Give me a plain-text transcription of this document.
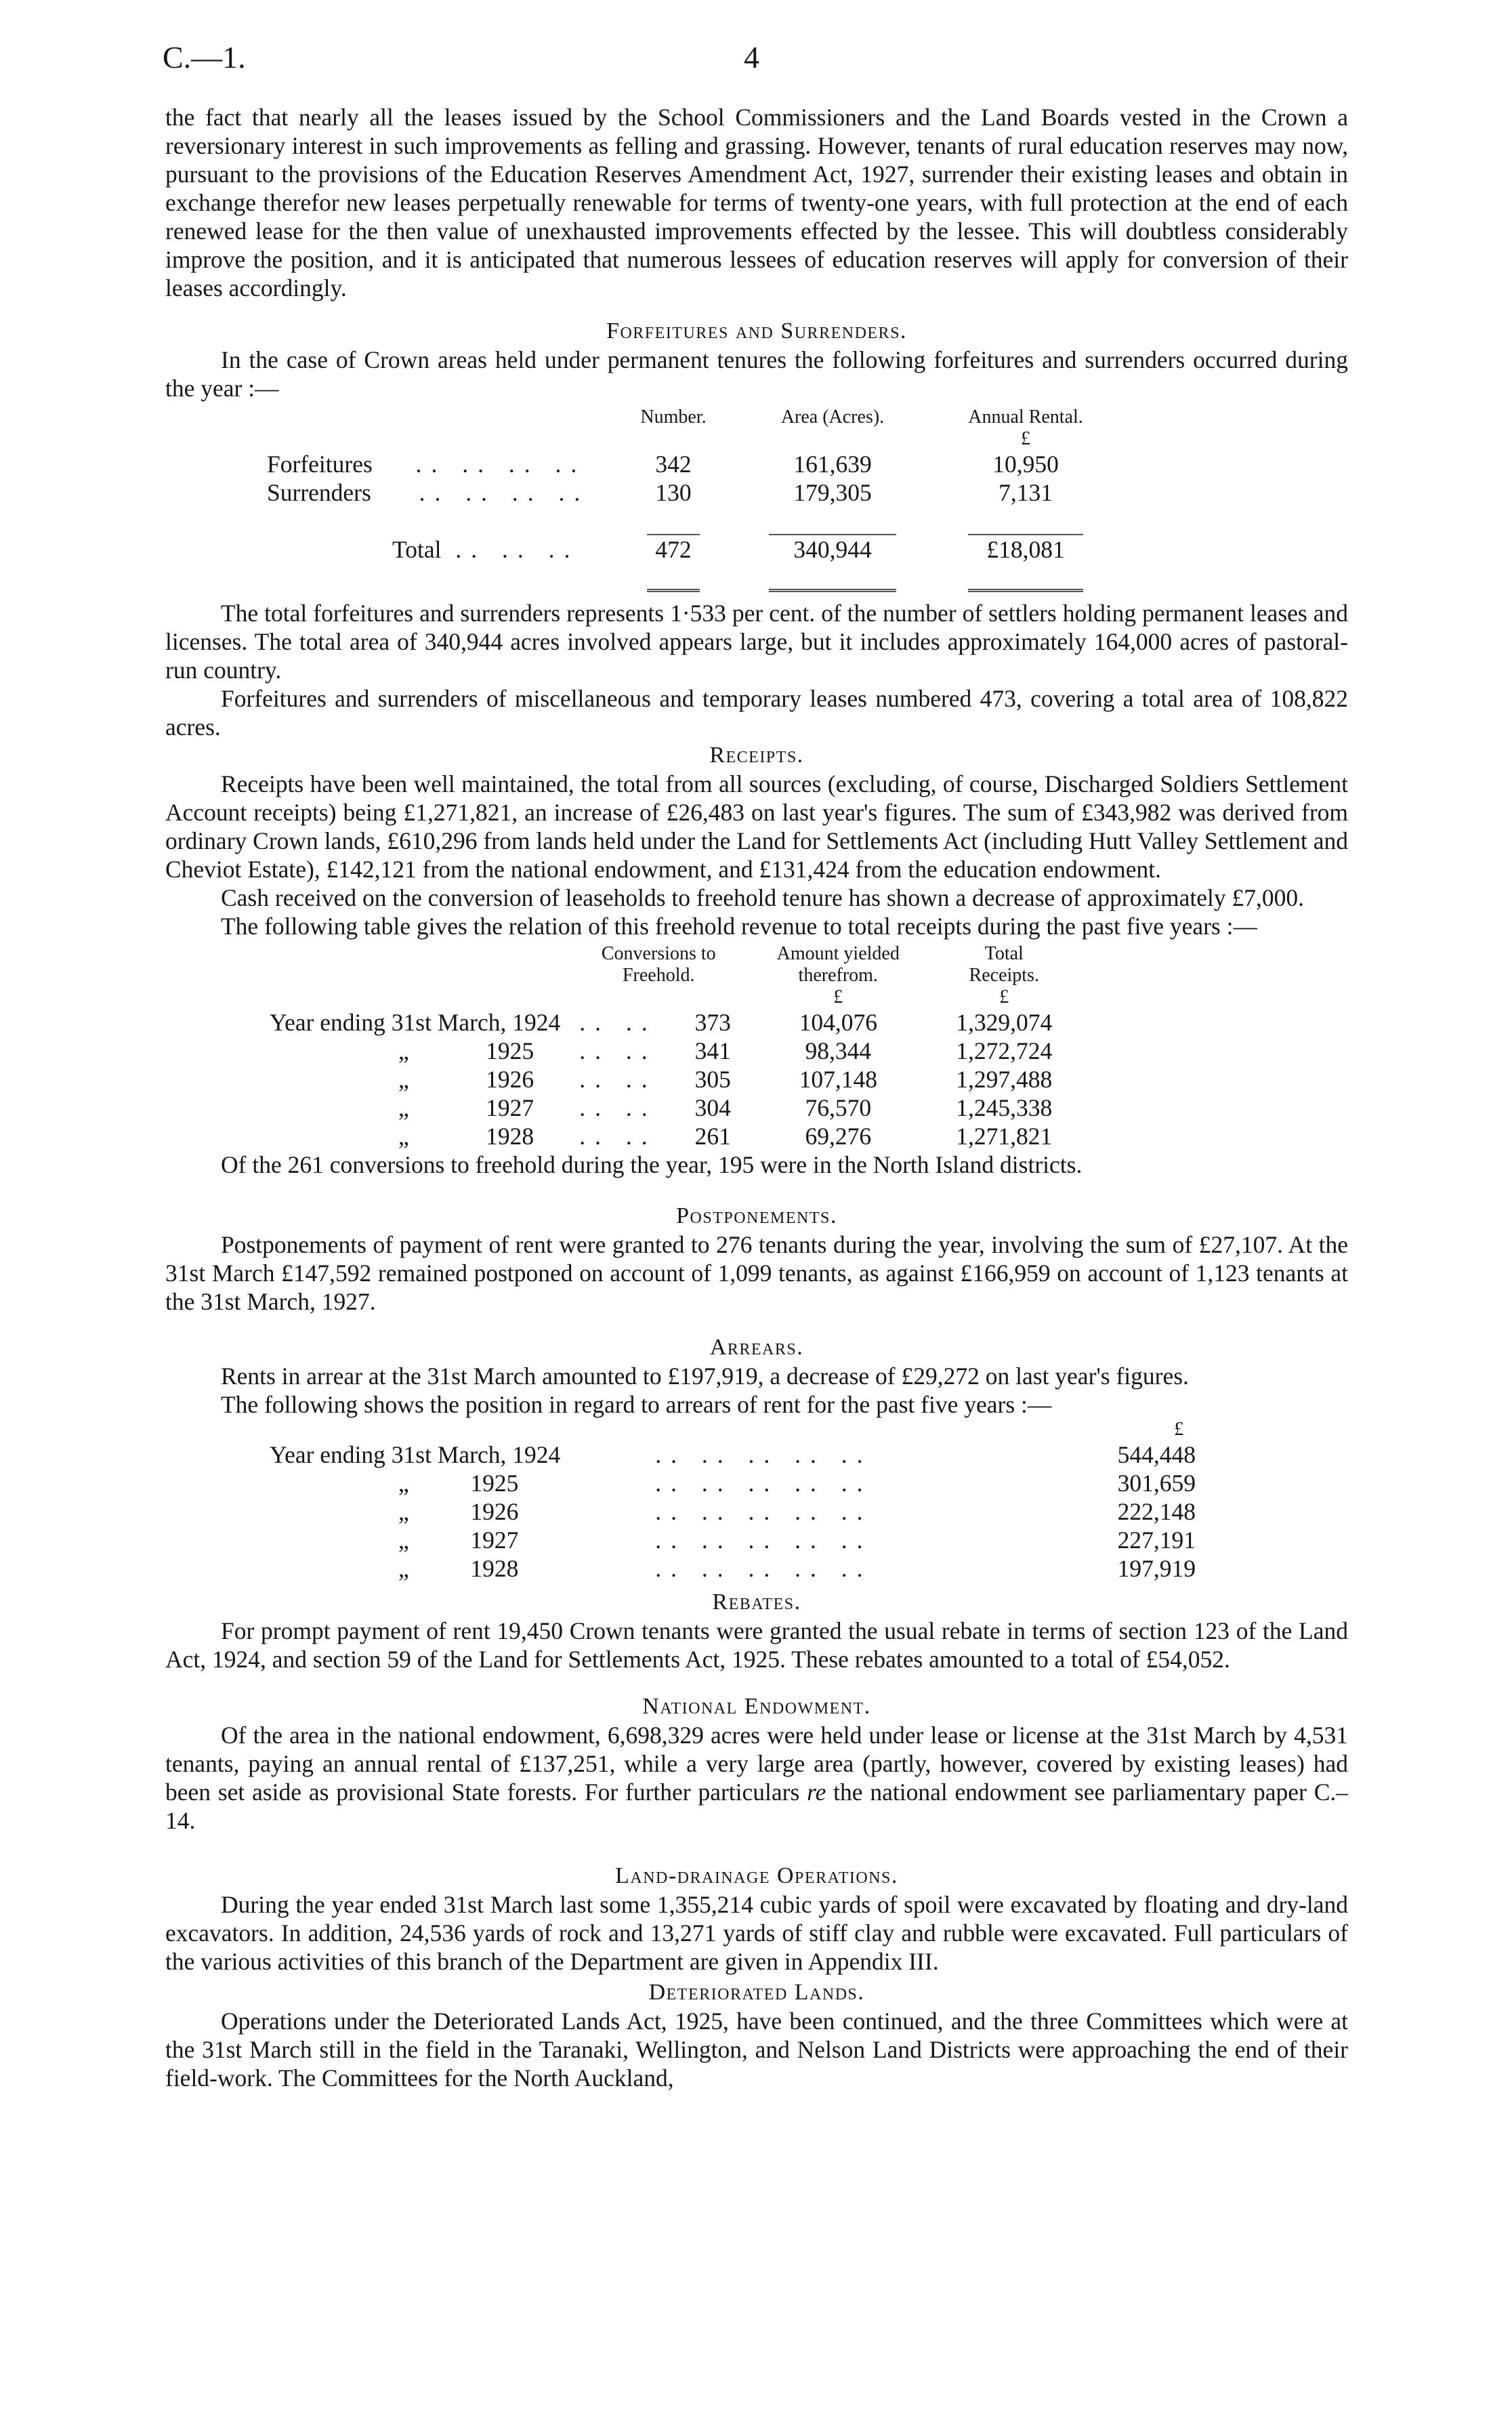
C.—1.	4

the fact that nearly all the leases issued by the School Commissioners and the Land Boards vested in the Crown a reversionary interest in such improvements as felling and grassing. However, tenants of rural education reserves may now, pursuant to the provisions of the Education Reserves Amendment Act, 1927, surrender their existing leases and obtain in exchange therefor new leases perpetually renewable for terms of twenty-one years, with full protection at the end of each renewed lease for the then value of unexhausted improvements effected by the lessee. This will doubtless considerably improve the position, and it is anticipated that numerous lessees of education reserves will apply for conversion of their leases accordingly.

Forfeitures and Surrenders.

In the case of Crown areas held under permanent tenures the following forfeitures and surrenders occurred during the year :—

			Number.	Area (Acres).	Annual Rental.
					£
	Forfeitures .. .. .. ..		342	161,639	10,950
	Surrenders .. .. .. ..		130	179,305	7,131

		Total .. .. ..	472	340,944	£18,081

The total forfeitures and surrenders represents 1·533 per cent. of the number of settlers holding permanent leases and licenses. The total area of 340,944 acres involved appears large, but it includes approximately 164,000 acres of pastoral-run country.

Forfeitures and surrenders of miscellaneous and temporary leases numbered 473, covering a total area of 108,822 acres.

Receipts.

Receipts have been well maintained, the total from all sources (excluding, of course, Discharged Soldiers Settlement Account receipts) being £1,271,821, an increase of £26,483 on last year's figures. The sum of £343,982 was derived from ordinary Crown lands, £610,296 from lands held under the Land for Settlements Act (including Hutt Valley Settlement and Cheviot Estate), £142,121 from the national endowment, and £131,424 from the education endowment.

Cash received on the conversion of leaseholds to freehold tenure has shown a decrease of approximately £7,000.

The following table gives the relation of this freehold revenue to total receipts during the past five years :—

			Conversions to Freehold.		Amount yielded therefrom.	Total Receipts.
					£	£
	Year ending 31st March, 1924		.. ..	373	104,076	1,329,074
	„	1925	.. ..	341	98,344	1,272,724
	„	1926	.. ..	305	107,148	1,297,488
	„	1927	.. ..	304	76,570	1,245,338
	„	1928	.. ..	261	69,276	1,271,821

Of the 261 conversions to freehold during the year, 195 were in the North Island districts.

Postponements.

Postponements of payment of rent were granted to 276 tenants during the year, involving the sum of £27,107. At the 31st March £147,592 remained postponed on account of 1,099 tenants, as against £166,959 on account of 1,123 tenants at the 31st March, 1927.

Arrears.

Rents in arrear at the 31st March amounted to £197,919, a decrease of £29,272 on last year's figures.

The following shows the position in regard to arrears of rent for the past five years :—

				£
	Year ending 31st March, 1924		.. .. .. .. ..	544,448
	„	1925	.. .. .. .. ..	301,659
	„	1926	.. .. .. .. ..	222,148
	„	1927	.. .. .. .. ..	227,191
	„	1928	.. .. .. .. ..	197,919
Rebates.

For prompt payment of rent 19,450 Crown tenants were granted the usual rebate in terms of section 123 of the Land Act, 1924, and section 59 of the Land for Settlements Act, 1925. These rebates amounted to a total of £54,052.

National Endowment.

Of the area in the national endowment, 6,698,329 acres were held under lease or license at the 31st March by 4,531 tenants, paying an annual rental of £137,251, while a very large area (partly, however, covered by existing leases) had been set aside as provisional State forests. For further particulars re the national endowment see parliamentary paper C.–14.

Land-drainage Operations.

During the year ended 31st March last some 1,355,214 cubic yards of spoil were excavated by floating and dry-land excavators. In addition, 24,536 yards of rock and 13,271 yards of stiff clay and rubble were excavated. Full particulars of the various activities of this branch of the Department are given in Appendix III.

Deteriorated Lands.

Operations under the Deteriorated Lands Act, 1925, have been continued, and the three Committees which were at the 31st March still in the field in the Taranaki, Wellington, and Nelson Land Districts were approaching the end of their field-work. The Committees for the North Auckland,
